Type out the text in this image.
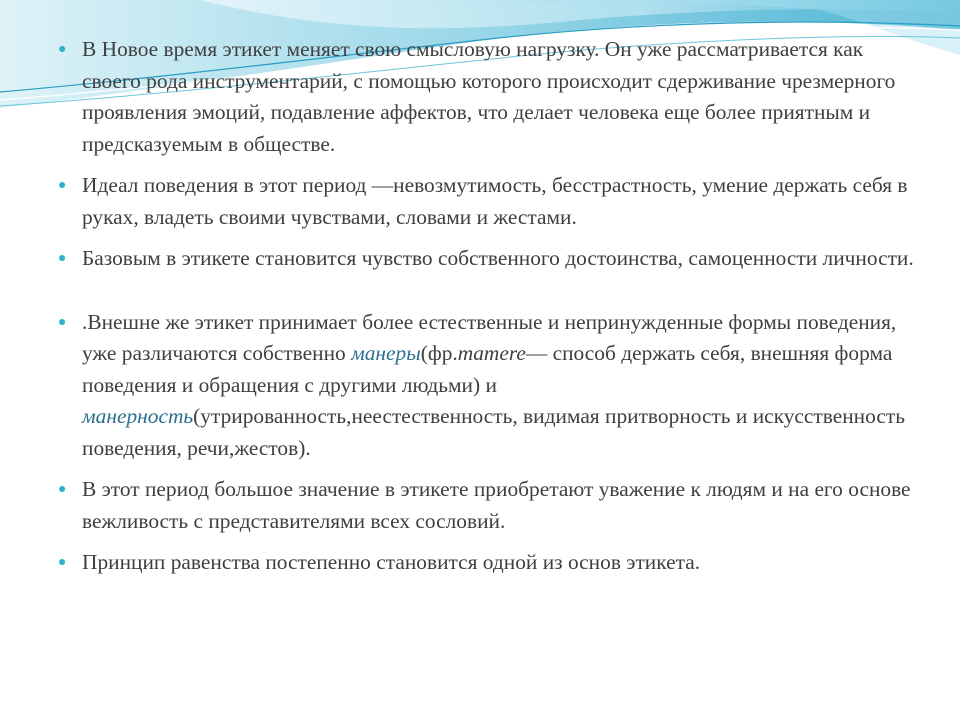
● В Новое время этикет меняет свою смысловую нагрузку. Он уже рассматривается как своего рода инструментарий, с помощью которого происходит сдерживание чрезмерного проявления эмоций, подавление аффектов, что делает человека еще более приятным и предсказуемым в обществе.
● Идеал поведения в этот период —невозмутимость, бесстрастность, умение держать себя в руках, владеть своими чувствами, словами и жестами.
● Базовым в этикете становится чувство собственного достоинства, самоценности личности.
● .Внешне же этикет принимает более естественные и непринужденные формы поведения, уже различаются собственно манеры(фр.maтere— способ держать себя, внешняя форма поведения и обращения с другими людьми) и манерность(утрированность,неестественность, видимая притворность и искусственность поведения, речи,жестов).
● В этот период большое значение в этикете приобретают уважение к людям и на его основе вежливость с представителями всех сословий.
● Принцип равенства постепенно становится одной из основ этикета.
